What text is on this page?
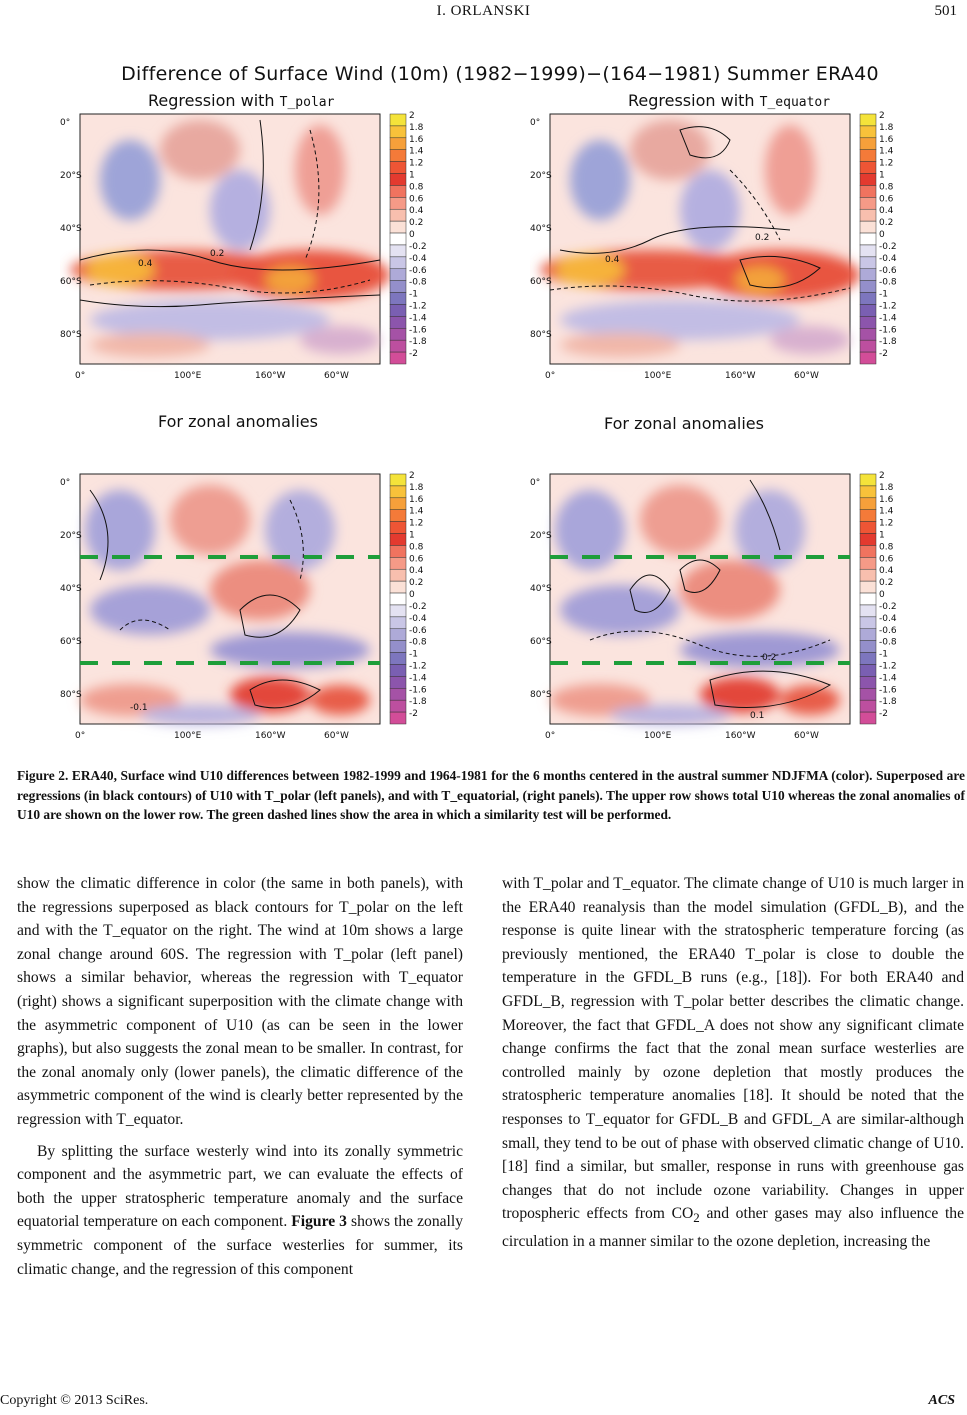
I. ORLANSKI	501
Difference of Surface Wind (10m) (1982−1999)−(164−1981) Summer ERA40
Regression with T_polar	Regression with T_equator
For zonal anomalies	For zonal anomalies
0.4
0.2
0°
20°S
40°S
60°S
80°S
0°	100°E	160°W	60°W
2
1.8
1.6
1.4
1.2
1
0.8
0.6
0.4
0.2
0
-0.2
-0.4
-0.6
-0.8
-1
-1.2
-1.4
-1.6
-1.8
-2
0.4
0.2
0°
20°S
40°S
60°S
80°S
0°	100°E	160°W	60°W
2
1.8
1.6
1.4
1.2
1
0.8
0.6
0.4
0.2
0
-0.2
-0.4
-0.6
-0.8
-1
-1.2
-1.4
-1.6
-1.8
-2
-0.1
0°
20°S
40°S
60°S
80°S
0°	100°E	160°W	60°W
2
1.8
1.6
1.4
1.2
1
0.8
0.6
0.4
0.2
0
-0.2
-0.4
-0.6
-0.8
-1
-1.2
-1.4
-1.6
-1.8
-2
0.2
0.1
0°
20°S
40°S
60°S
80°S
0°	100°E	160°W	60°W
2
1.8
1.6
1.4
1.2
1
0.8
0.6
0.4
0.2
0
-0.2
-0.4
-0.6
-0.8
-1
-1.2
-1.4
-1.6
-1.8
-2
Figure 2. ERA40, Surface wind U10 differences between 1982-1999 and 1964-1981 for the 6 months centered in the austral summer NDJFMA (color). Superposed are regressions (in black contours) of U10 with T_polar (left panels), and with T_equatorial, (right panels). The upper row shows total U10 whereas the zonal anomalies of U10 are shown on the lower row. The green dashed lines show the area in which a similarity test will be performed.

show the climatic difference in color (the same in both panels), with the regressions superposed as black contours for T_polar on the left and with the T_equator on the right. The wind at 10m shows a large zonal change around 60S. The regression with T_polar (left panel) shows a similar behavior, whereas the regression with T_equator (right) shows a significant superposition with the climate change with the asymmetric component of U10 (as can be seen in the lower graphs), but also suggests the zonal mean to be smaller. In contrast, for the zonal anomaly only (lower panels), the climatic difference of the asymmetric component of the wind is clearly better represented by the regression with T_equator.

By splitting the surface westerly wind into its zonally symmetric component and the asymmetric part, we can evaluate the effects of both the upper stratospheric temperature anomaly and the surface equatorial temperature on each component. Figure 3 shows the zonally symmetric component of the surface westerlies for summer, its climatic change, and the regression of this component

with T_polar and T_equator. The climate change of U10 is much larger in the ERA40 reanalysis than the model simulation (GFDL_B), and the response is quite linear with the stratospheric temperature forcing (as previously mentioned, the ERA40 T_polar is close to double the temperature in the GFDL_B runs (e.g., [18]). For both ERA40 and GFDL_B, regression with T_polar better describes the climatic change. Moreover, the fact that GFDL_A does not show any significant climate change confirms the fact that the zonal mean surface westerlies are controlled mainly by ozone depletion that mostly produces the stratospheric temperature anomalies [18]. It should be noted that the responses to T_equator for GFDL_B and GFDL_A are similar-although small, they tend to be out of phase with observed climatic change of U10. [18] find a similar, but smaller, response in runs with greenhouse gas changes that do not include ozone variability. Changes in upper tropospheric effects from $CO_2$ and other gases may also influence the circulation in a manner similar to the ozone depletion, increasing the

Copyright © 2013 SciRes.	ACS
